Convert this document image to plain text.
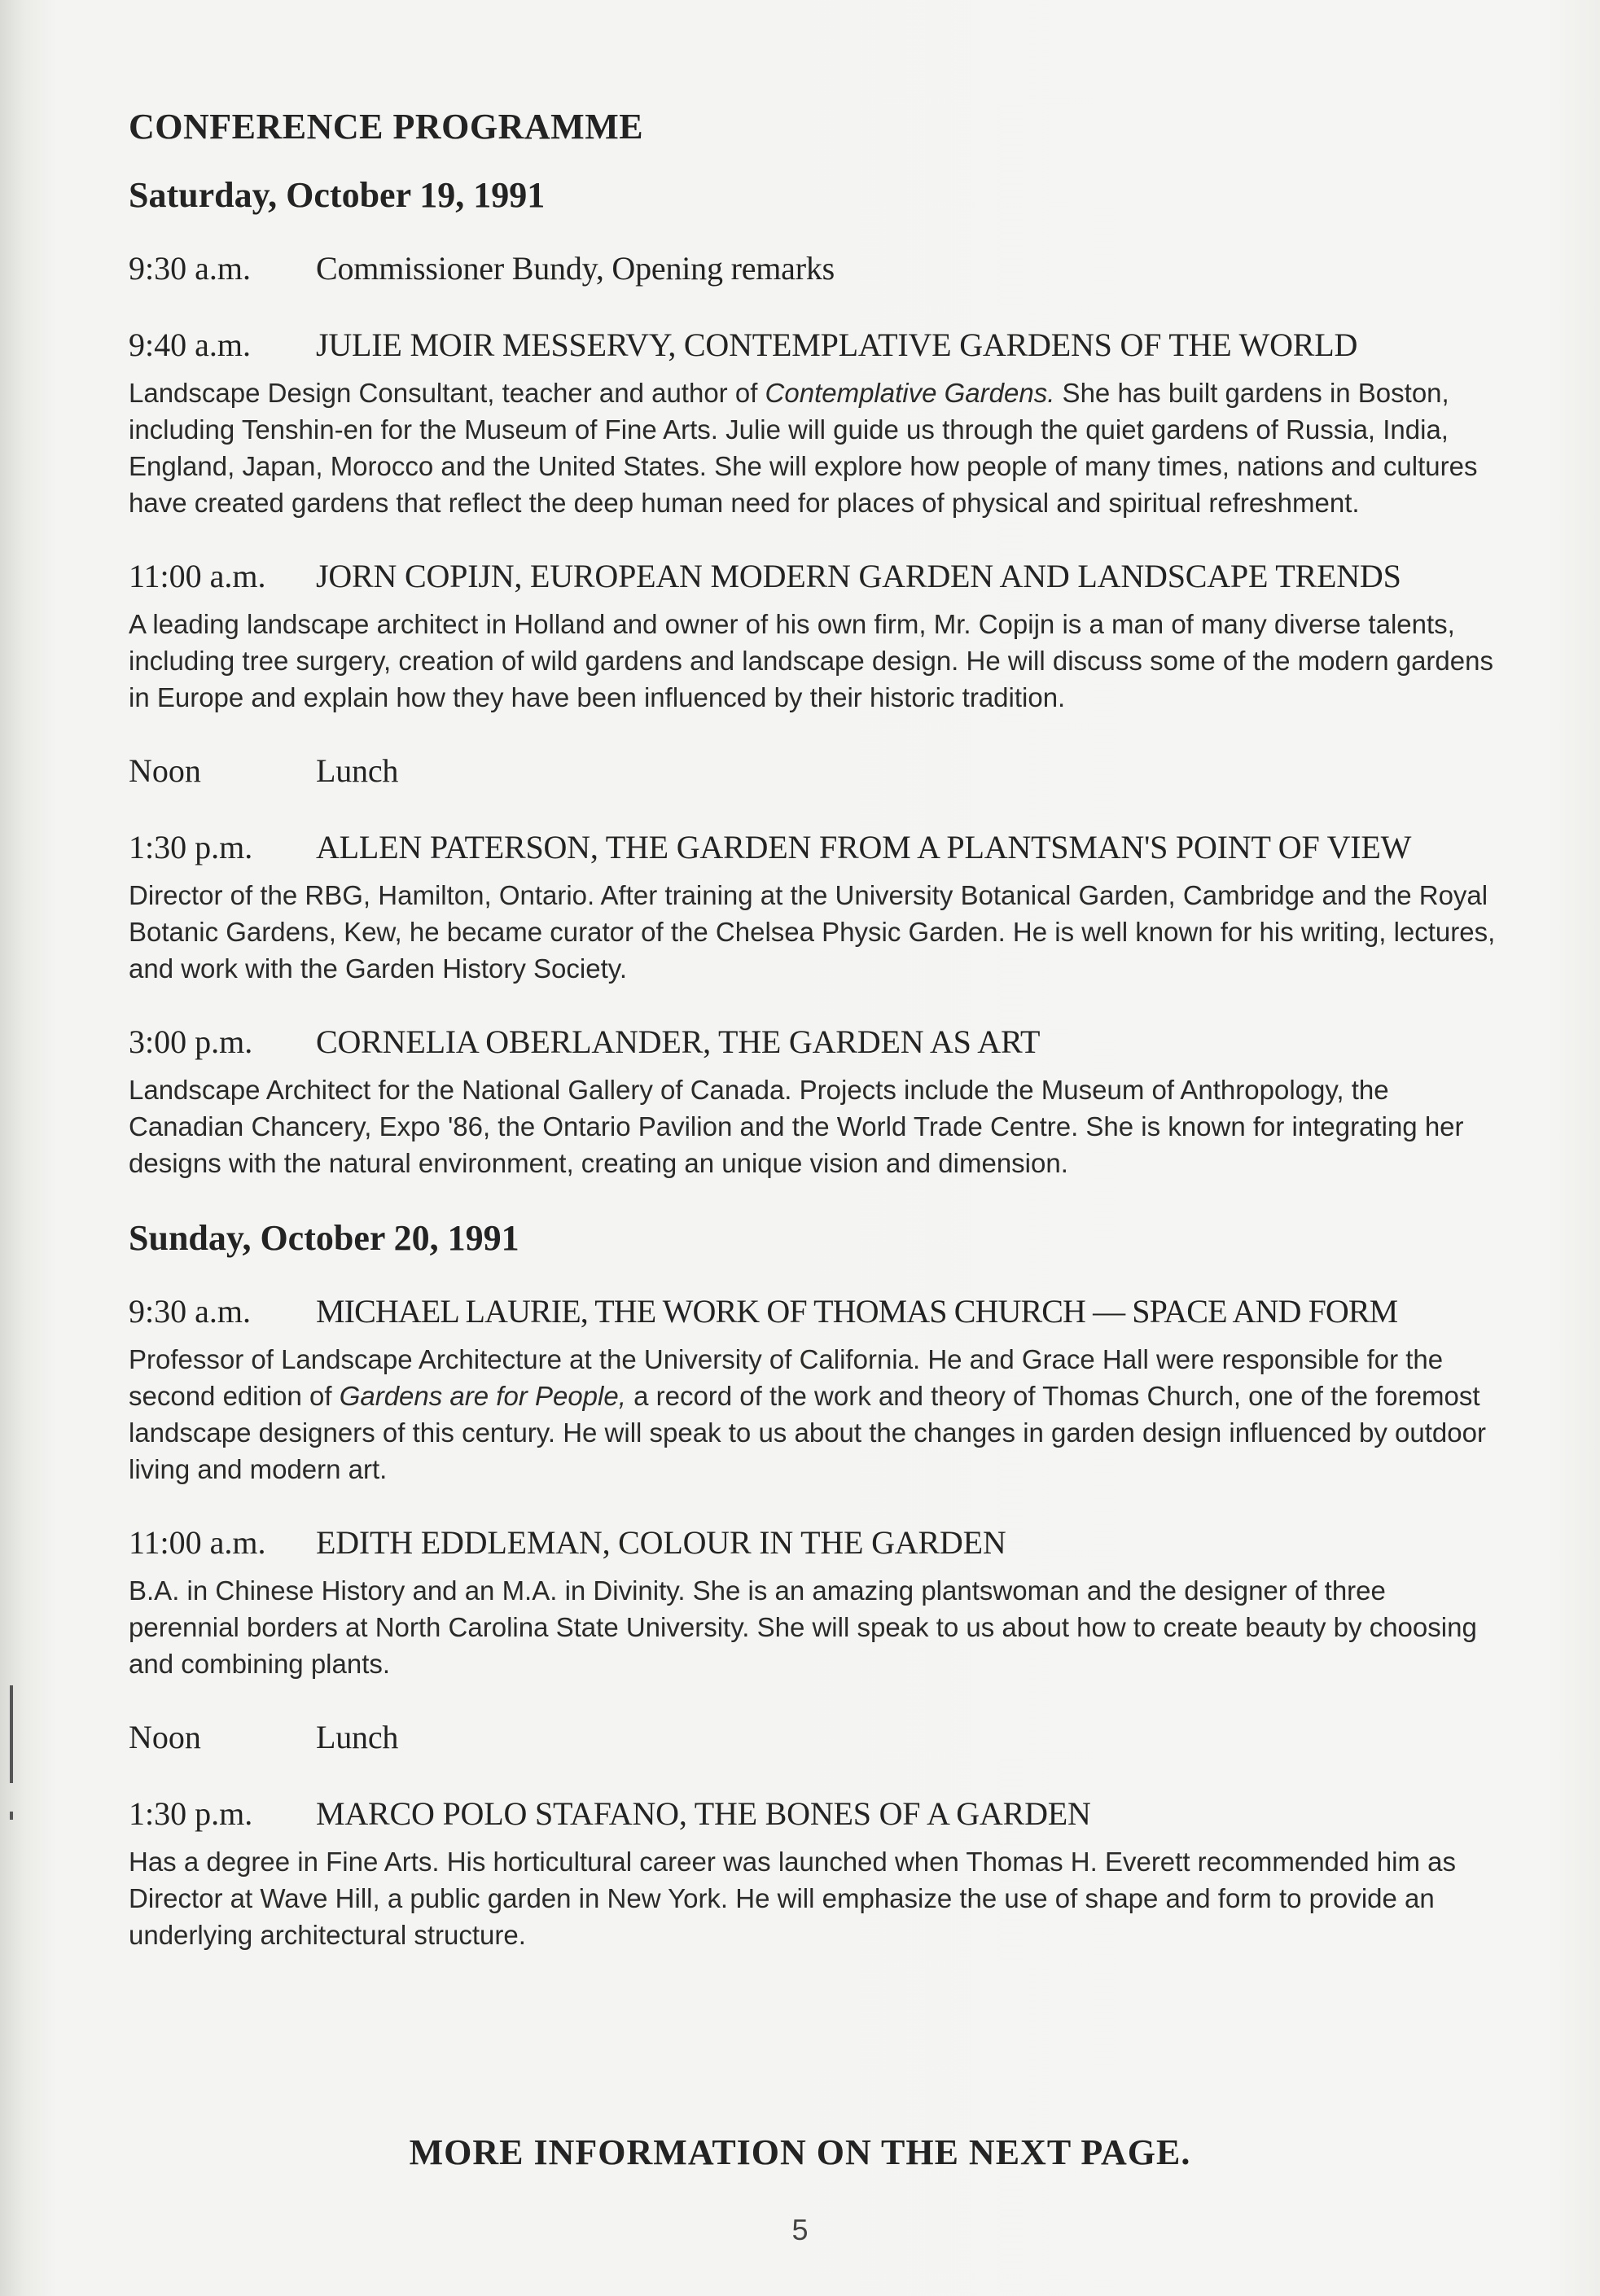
CONFERENCE PROGRAMME
Saturday, October 19, 1991
9:30 a.m.	Commissioner Bundy, Opening remarks
9:40 a.m.	JULIE MOIR MESSERVY, CONTEMPLATIVE GARDENS OF THE WORLD

Landscape Design Consultant, teacher and author of Contemplative Gardens. She has built gardens in Boston, including Tenshin-en for the Museum of Fine Arts. Julie will guide us through the quiet gardens of Russia, India, England, Japan, Morocco and the United States. She will explore how people of many times, nations and cultures have created gardens that reflect the deep human need for places of physical and spiritual refreshment.

11:00 a.m.	JORN COPIJN, EUROPEAN MODERN GARDEN AND LANDSCAPE TRENDS

A leading landscape architect in Holland and owner of his own firm, Mr. Copijn is a man of many diverse talents, including tree surgery, creation of wild gardens and landscape design. He will discuss some of the modern gardens in Europe and explain how they have been influenced by their historic tradition.

Noon	Lunch
1:30 p.m.	ALLEN PATERSON, THE GARDEN FROM A PLANTSMAN'S POINT OF VIEW

Director of the RBG, Hamilton, Ontario. After training at the University Botanical Garden, Cambridge and the Royal Botanic Gardens, Kew, he became curator of the Chelsea Physic Garden. He is well known for his writing, lectures, and work with the Garden History Society.

3:00 p.m.	CORNELIA OBERLANDER, THE GARDEN AS ART

Landscape Architect for the National Gallery of Canada. Projects include the Museum of Anthropology, the Canadian Chancery, Expo '86, the Ontario Pavilion and the World Trade Centre. She is known for integrating her designs with the natural environment, creating an unique vision and dimension.

Sunday, October 20, 1991
9:30 a.m.	MICHAEL LAURIE, THE WORK OF THOMAS CHURCH — SPACE AND FORM

Professor of Landscape Architecture at the University of California. He and Grace Hall were responsible for the second edition of Gardens are for People, a record of the work and theory of Thomas Church, one of the foremost landscape designers of this century. He will speak to us about the changes in garden design influenced by outdoor living and modern art.

11:00 a.m.	EDITH EDDLEMAN, COLOUR IN THE GARDEN

B.A. in Chinese History and an M.A. in Divinity. She is an amazing plantswoman and the designer of three perennial borders at North Carolina State University. She will speak to us about how to create beauty by choosing and combining plants.

Noon	Lunch
1:30 p.m.	MARCO POLO STAFANO, THE BONES OF A GARDEN

Has a degree in Fine Arts. His horticultural career was launched when Thomas H. Everett recommended him as Director at Wave Hill, a public garden in New York. He will emphasize the use of shape and form to provide an underlying architectural structure.

MORE INFORMATION ON THE NEXT PAGE.
5
